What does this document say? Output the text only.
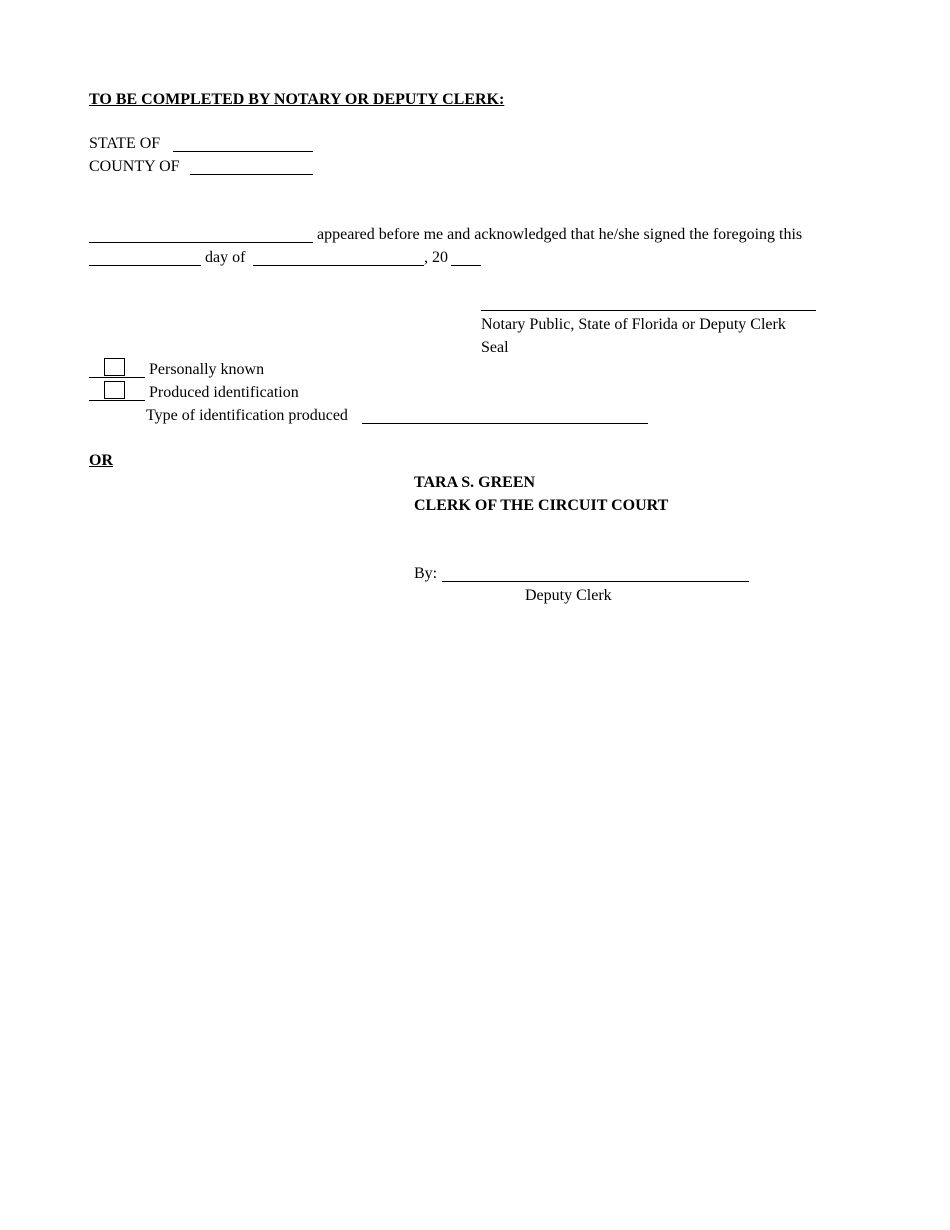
TO BE COMPLETED BY NOTARY OR DEPUTY CLERK:
STATE OF
COUNTY OF
appeared before me and acknowledged that he/she signed the foregoing this
day of	, 20
Notary Public, State of Florida or Deputy Clerk
Seal
Personally known
Produced identification
Type of identification produced
OR
TARA S. GREEN
CLERK OF THE CIRCUIT COURT
By:
Deputy Clerk
